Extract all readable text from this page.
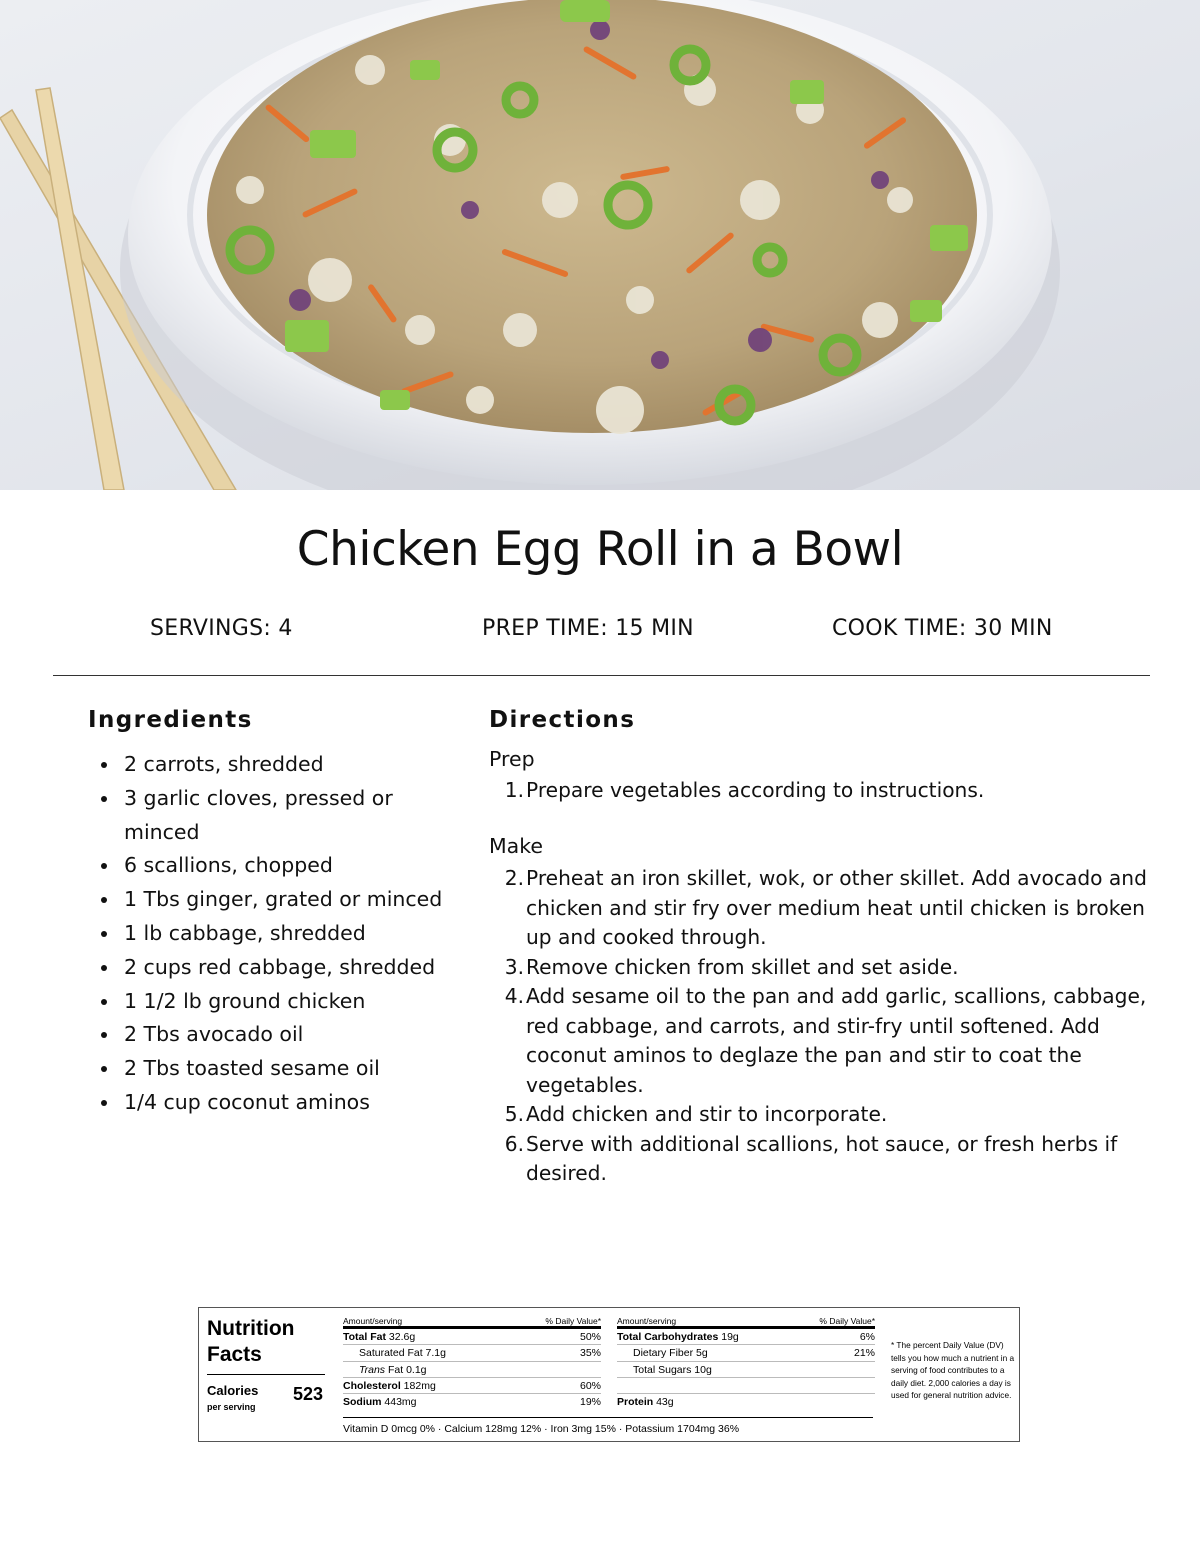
Chicken Egg Roll in a Bowl
SERVINGS: 4	PREP TIME: 15 MIN	COOK TIME: 30 MIN
Ingredients
2 carrots, shredded
3 garlic cloves, pressed or minced
6 scallions, chopped
1 Tbs ginger, grated or minced
1 lb cabbage, shredded
2 cups red cabbage, shredded
1 1/2 lb ground chicken
2 Tbs avocado oil
2 Tbs toasted sesame oil
1/4 cup coconut aminos
Directions
Prep
1. Prepare vegetables according to instructions.
Make
2. Preheat an iron skillet, wok, or other skillet. Add avocado and chicken and stir fry over medium heat until chicken is broken up and cooked through.
3. Remove chicken from skillet and set aside.
4. Add sesame oil to the pan and add garlic, scallions, cabbage, red cabbage, and carrots, and stir-fry until softened. Add coconut aminos to deglaze the pan and stir to coat the vegetables.
5. Add chicken and stir to incorporate.
6. Serve with additional scallions, hot sauce, or fresh herbs if desired.
Nutrition
Facts
Calories
per serving
523
Amount/serving	% Daily Value*
Total Fat 32.6g	50%
Saturated Fat 7.1g	35%
Trans Fat 0.1g
Cholesterol 182mg	60%
Sodium 443mg	19%
Amount/serving	% Daily Value*
Total Carbohydrates 19g	6%
Dietary Fiber 5g	21%
Total Sugars 10g
Protein 43g
* The percent Daily Value (DV) tells you how much a nutrient in a serving of food contributes to a daily diet. 2,000 calories a day is used for general nutrition advice.
Vitamin D 0mcg 0% · Calcium 128mg 12% · Iron 3mg 15% · Potassium 1704mg 36%
